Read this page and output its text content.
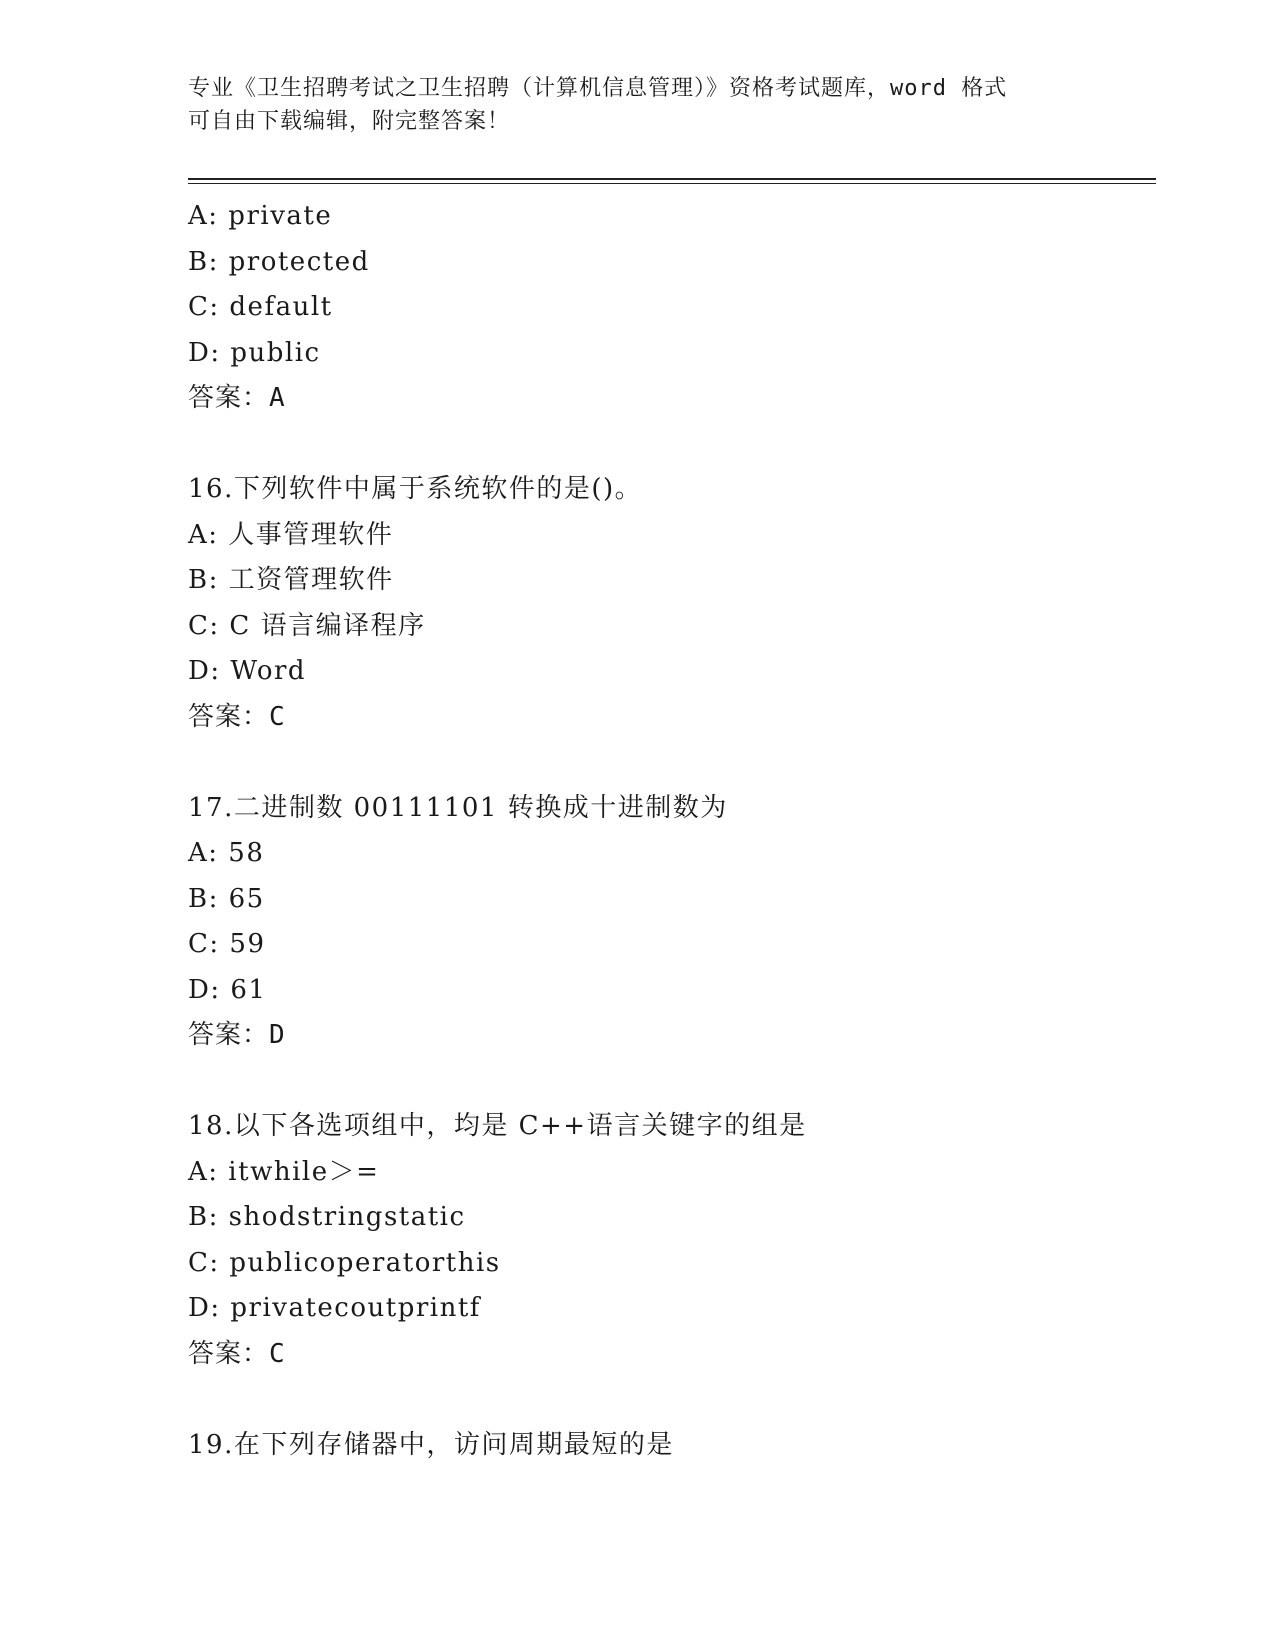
专业《卫生招聘考试之卫生招聘（计算机信息管理）》资格考试题库，word 格式
可自由下载编辑，附完整答案！
A: private
B: protected
C: default
D: public
答案：A
16.下列软件中属于系统软件的是()。
A: 人事管理软件
B: 工资管理软件
C: C 语言编译程序
D: Word
答案：C
17.二进制数 00111101 转换成十进制数为
A: 58
B: 65
C: 59
D: 61
答案：D
18.以下各选项组中，均是 C++语言关键字的组是
A: itwhile＞=
B: shodstringstatic
C: publicoperatorthis
D: privatecoutprintf
答案：C
19.在下列存储器中，访问周期最短的是
